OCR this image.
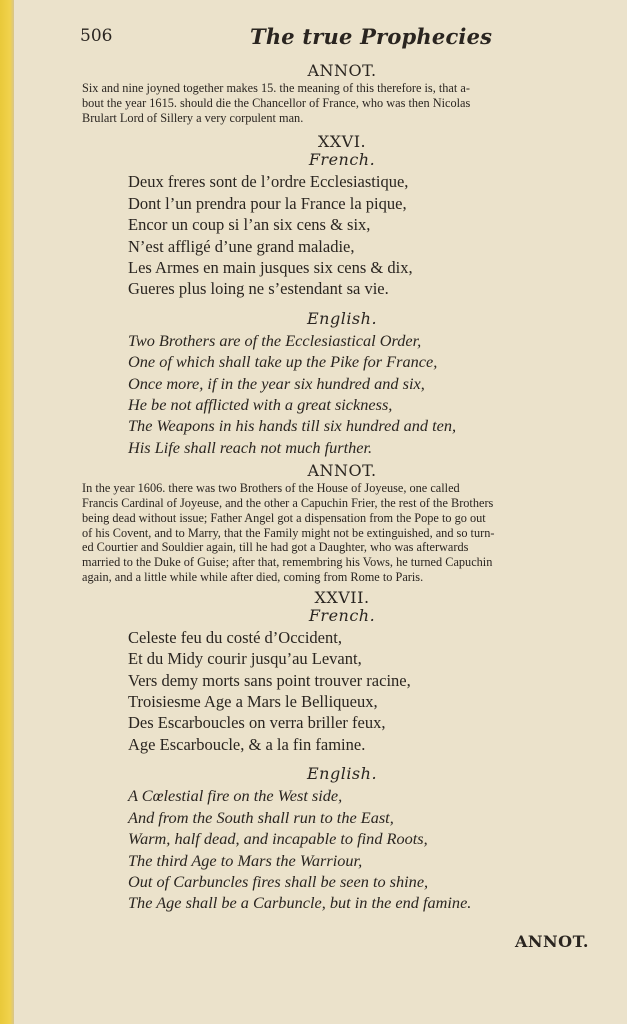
506	The true Prophecies
ANNOT.
Six and nine joyned together makes 15. the meaning of this therefore is, that a-
bout the year 1615. should die the Chancellor of France, who was then Nicolas
Brulart Lord of Sillery a very corpulent man.
XXVI.
French.
Deux freres sont de l’ordre Ecclesiastique,
Dont l’un prendra pour la France la pique,
Encor un coup si l’an six cens & six,
N’est affligé d’une grand maladie,
Les Armes en main jusques six cens & dix,
Gueres plus loing ne s’estendant sa vie.
English.
Two Brothers are of the Ecclesiastical Order,
One of which shall take up the Pike for France,
Once more, if in the year six hundred and six,
He be not afflicted with a great sickness,
The Weapons in his hands till six hundred and ten,
His Life shall reach not much further.
ANNOT.
In the year 1606. there was two Brothers of the House of Joyeuse, one called
Francis Cardinal of Joyeuse, and the other a Capuchin Frier, the rest of the Brothers
being dead without issue; Father Angel got a dispensation from the Pope to go out
of his Covent, and to Marry, that the Family might not be extinguished, and so turn-
ed Courtier and Souldier again, till he had got a Daughter, who was afterwards
married to the Duke of Guise; after that, remembring his Vows, he turned Capuchin
again, and a little while while after died, coming from Rome to Paris.
XXVII.
French.
Celeste feu du costé d’Occident,
Et du Midy courir jusqu’au Levant,
Vers demy morts sans point trouver racine,
Troisiesme Age a Mars le Belliqueux,
Des Escarboucles on verra briller feux,
Age Escarboucle, & a la fin famine.
English.
A Cœlestial fire on the West side,
And from the South shall run to the East,
Warm, half dead, and incapable to find Roots,
The third Age to Mars the Warriour,
Out of Carbuncles fires shall be seen to shine,
The Age shall be a Carbuncle, but in the end famine.
ANNOT.
